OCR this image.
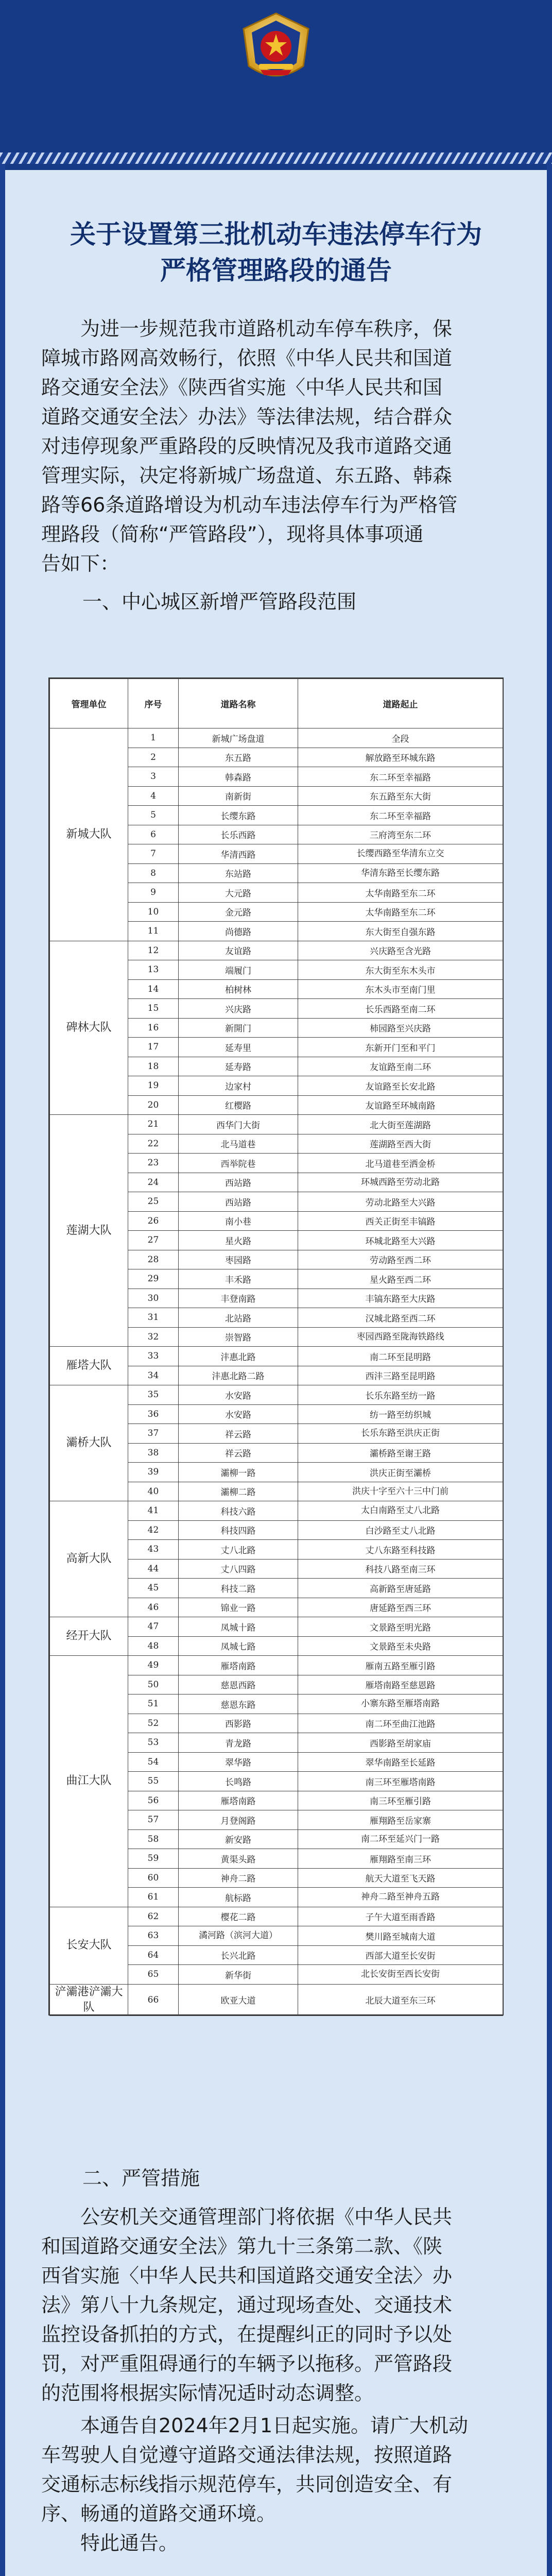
关于设置第三批机动车违法停车行为
严格管理路段的通告
为进一步规范我市道路机动车停车秩序，保
障城市路网高效畅行，依照《中华人民共和国道
路交通安全法》《陕西省实施〈中华人民共和国
道路交通安全法〉办法》等法律法规，结合群众
对违停现象严重路段的反映情况及我市道路交通
管理实际，决定将新城广场盘道、东五路、韩森
路等66条道路增设为机动车违法停车行为严格管
理路段（简称“严管路段”），现将具体事项通
告如下：
一、中心城区新增严管路段范围
管理单位	序号	道路名称	道路起止
新城大队	1	新城广场盘道	全段
	2	东五路	解放路至环城东路
	3	韩森路	东二环至幸福路
	4	南新街	东五路至东大街
	5	长缨东路	东二环至幸福路
	6	长乐西路	三府湾至东二环
	7	华清西路	长缨西路至华清东立交
	8	东站路	华清东路至长缨东路
	9	大元路	太华南路至东二环
	10	金元路	太华南路至东二环
	11	尚德路	东大街至自强东路
碑林大队	12	友谊路	兴庆路至含光路
	13	端履门	东大街至东木头市
	14	柏树林	东木头市至南门里
	15	兴庆路	长乐西路至南二环
	16	新開门	柿园路至兴庆路
	17	延寿里	东新开门至和平门
	18	延寿路	友谊路至南二环
	19	边家村	友谊路至长安北路
	20	红樱路	友谊路至环城南路
莲湖大队	21	西华门大街	北大街至莲湖路
	22	北马道巷	莲湖路至西大街
	23	西举院巷	北马道巷至洒金桥
	24	西站路	环城西路至劳动北路
	25	西站路	劳动北路至大兴路
	26	南小巷	西关正街至丰镐路
	27	星火路	环城北路至大兴路
	28	枣园路	劳动路至西二环
	29	丰禾路	星火路至西二环
	30	丰登南路	丰镐东路至大庆路
	31	北站路	汉城北路至西二环
	32	崇智路	枣园西路至陇海铁路线
雁塔大队	33	沣惠北路	南二环至昆明路
	34	沣惠北路二路	西沣三路至昆明路
灞桥大队	35	水安路	长乐东路至纺一路
	36	水安路	纺一路至纺织城
	37	祥云路	长乐东路至洪庆正街
	38	祥云路	灞桥路至谢王路
	39	灞柳一路	洪庆正街至灞桥
	40	灞柳二路	洪庆十字至六十三中门前
高新大队	41	科技六路	太白南路至丈八北路
	42	科技四路	白沙路至丈八北路
	43	丈八北路	丈八东路至科技路
	44	丈八四路	科技八路至南三环
	45	科技二路	高新路至唐延路
	46	锦业一路	唐延路至西三环
经开大队	47	凤城十路	文景路至明光路
	48	凤城七路	文景路至未央路
曲江大队	49	雁塔南路	雁南五路至雁引路
	50	慈恩西路	雁塔南路至慈恩路
	51	慈恩东路	小寨东路至雁塔南路
	52	西影路	南二环至曲江池路
	53	青龙路	西影路至胡家庙
	54	翠华路	翠华南路至长延路
	55	长鸣路	南三环至雁塔南路
	56	雁塔南路	南三环至雁引路
	57	月登阁路	雁翔路至岳家寨
	58	新安路	南二环至延兴门一路
	59	黄渠头路	雁翔路至南三环
	60	神舟二路	航天大道至飞天路
	61	航标路	神舟二路至神舟五路
长安大队	62	樱花二路	子午大道至雨香路
	63	潏河路（滨河大道）	樊川路至城南大道
	64	长兴北路	西部大道至长安街
	65	新华街	北长安街至西长安街
浐灞港浐灞大队	66	欧亚大道	北辰大道至东三环
二、严管措施
公安机关交通管理部门将依据《中华人民共
和国道路交通安全法》第九十三条第二款、《陕
西省实施〈中华人民共和国道路交通安全法〉办
法》第八十九条规定，通过现场查处、交通技术
监控设备抓拍的方式，在提醒纠正的同时予以处
罚，对严重阻碍通行的车辆予以拖移。严管路段
的范围将根据实际情况适时动态调整。
本通告自2024年2月1日起实施。请广大机动
车驾驶人自觉遵守道路交通法律法规，按照道路
交通标志标线指示规范停车，共同创造安全、有
序、畅通的道路交通环境。
特此通告。
